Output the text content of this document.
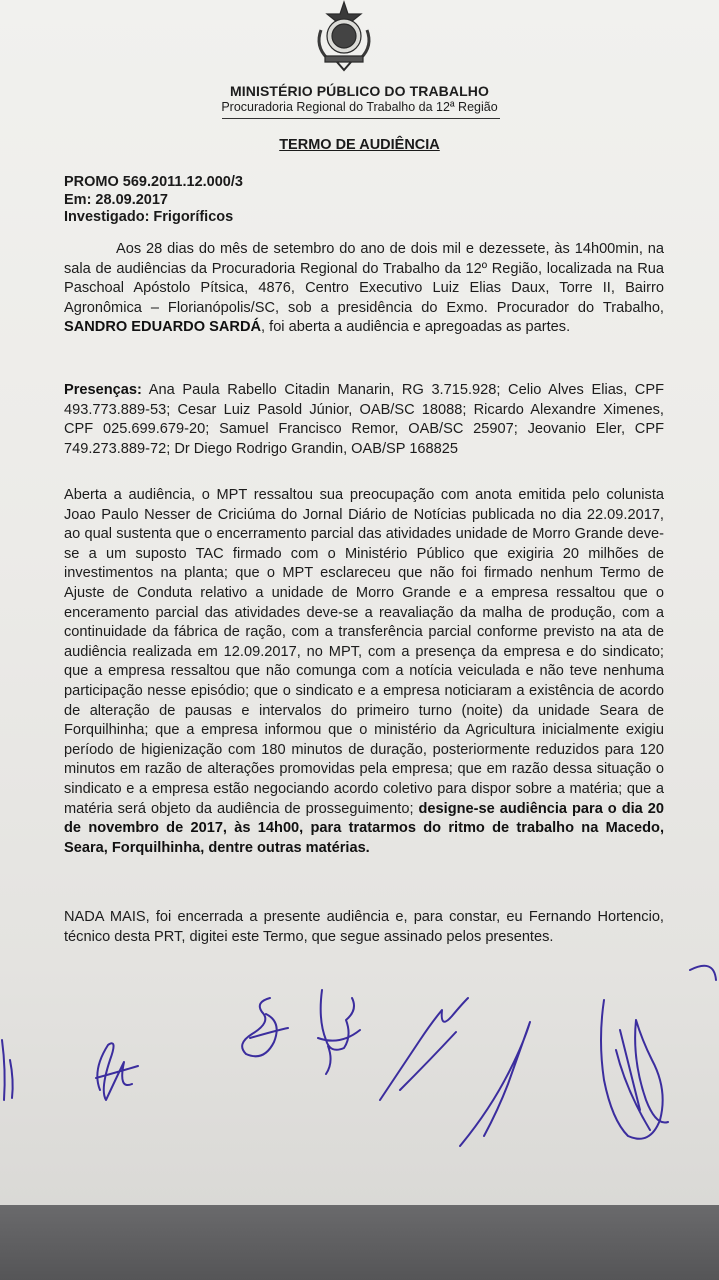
MINISTÉRIO PÚBLICO DO TRABALHO
Procuradoria Regional do Trabalho da 12ª Região
TERMO DE AUDIÊNCIA
PROMO 569.2011.12.000/3
Em: 28.09.2017
Investigado: Frigoríficos

Aos 28 dias do mês de setembro do ano de dois mil e dezessete, às 14h00min, na sala de audiências da Procuradoria Regional do Trabalho da 12º Região, localizada na Rua Paschoal Apóstolo Pítsica, 4876, Centro Executivo Luiz Elias Daux, Torre II, Bairro Agronômica – Florianópolis/SC, sob a presidência do Exmo. Procurador do Trabalho, SANDRO EDUARDO SARDÁ, foi aberta a audiência e apregoadas as partes.

Presenças: Ana Paula Rabello Citadin Manarin, RG 3.715.928; Celio Alves Elias, CPF 493.773.889-53; Cesar Luiz Pasold Júnior, OAB/SC 18088; Ricardo Alexandre Ximenes, CPF 025.699.679-20; Samuel Francisco Remor, OAB/SC 25907; Jeovanio Eler, CPF 749.273.889-72; Dr Diego Rodrigo Grandin, OAB/SP 168825

Aberta a audiência, o MPT ressaltou sua preocupação com anota emitida pelo colunista Joao Paulo Nesser de Criciúma do Jornal Diário de Notícias publicada no dia 22.09.2017, ao qual sustenta que o encerramento parcial das atividades unidade de Morro Grande deve-se a um suposto TAC firmado com o Ministério Público que exigiria 20 milhões de investimentos na planta; que o MPT esclareceu que não foi firmado nenhum Termo de Ajuste de Conduta relativo a unidade de Morro Grande e a empresa ressaltou que o enceramento parcial das atividades deve-se a reavaliação da malha de produção, com a continuidade da fábrica de ração, com a transferência parcial conforme previsto na ata de audiência realizada em 12.09.2017, no MPT, com a presença da empresa e do sindicato; que a empresa ressaltou que não comunga com a notícia veiculada e não teve nenhuma participação nesse episódio; que o sindicato e a empresa noticiaram a existência de acordo de alteração de pausas e intervalos do primeiro turno (noite) da unidade Seara de Forquilhinha; que a empresa informou que o ministério da Agricultura inicialmente exigiu período de higienização com 180 minutos de duração, posteriormente reduzidos para 120 minutos em razão de alterações promovidas pela empresa; que em razão dessa situação o sindicato e a empresa estão negociando acordo coletivo para dispor sobre a matéria; que a matéria será objeto da audiência de prosseguimento; designe-se audiência para o dia 20 de novembro de 2017, às 14h00, para tratarmos do ritmo de trabalho na Macedo, Seara, Forquilhinha, dentre outras matérias.

NADA MAIS, foi encerrada a presente audiência e, para constar, eu Fernando Hortencio, técnico desta PRT, digitei este Termo, que segue assinado pelos presentes.
